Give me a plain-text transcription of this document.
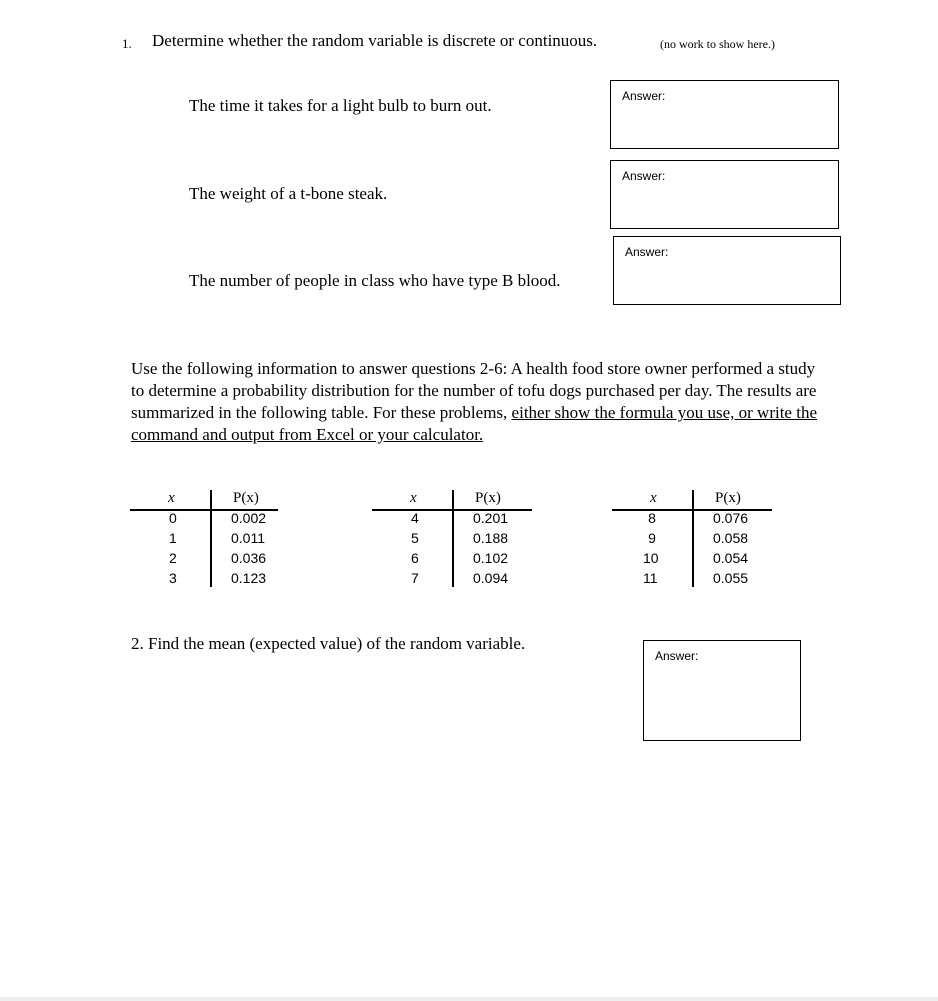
1. Determine whether the random variable is discrete or continuous.	(no work to show here.)
The time it takes for a light bulb to burn out.	Answer:
The weight of a t-bone steak.
Answer:
The number of people in class who have type B blood.
Answer:
Use the following information to answer questions 2-6: A health food store owner performed a study to determine a probability distribution for the number of tofu dogs purchased per day. The results are summarized in the following table. For these problems, either show the formula you use, or write the command and output from Excel or your calculator.
x	P(x)
0	0.002
1	0.011
2	0.036
3	0.123
x	P(x)
4	0.201
5	0.188
6	0.102
7	0.094
x	P(x)
8	0.076
9	0.058
10	0.054
11	0.055
2. Find the mean (expected value) of the random variable.
Answer:
